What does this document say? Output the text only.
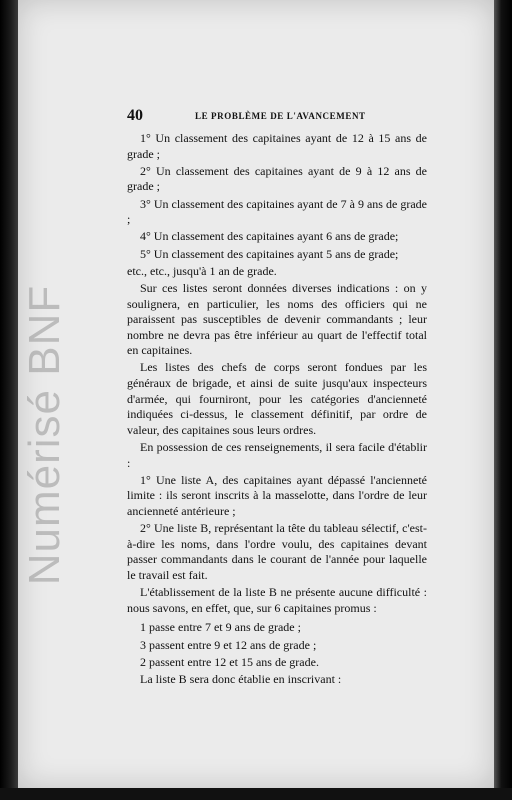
Numérisé BNF
40	LE PROBLÈME DE L'AVANCEMENT

1° Un classement des capitaines ayant de 12 à 15 ans de grade ;

2° Un classement des capitaines ayant de 9 à 12 ans de grade ;

3° Un classement des capitaines ayant de 7 à 9 ans de grade ;

4° Un classement des capitaines ayant 6 ans de grade;

5° Un classement des capitaines ayant 5 ans de grade;

etc., etc., jusqu'à 1 an de grade.

Sur ces listes seront données diverses indications : on y soulignera, en particulier, les noms des officiers qui ne paraissent pas susceptibles de devenir commandants ; leur nombre ne devra pas être inférieur au quart de l'effectif total en capitaines.

Les listes des chefs de corps seront fondues par les généraux de brigade, et ainsi de suite jusqu'aux inspecteurs d'armée, qui fourniront, pour les catégories d'ancienneté indiquées ci-dessus, le classement définitif, par ordre de valeur, des capitaines sous leurs ordres.

En possession de ces renseignements, il sera facile d'établir :

1° Une liste A, des capitaines ayant dépassé l'ancienneté limite : ils seront inscrits à la masselotte, dans l'ordre de leur ancienneté antérieure ;

2° Une liste B, représentant la tête du tableau sélectif, c'est-à-dire les noms, dans l'ordre voulu, des capitaines devant passer commandants dans le courant de l'année pour laquelle le travail est fait.

L'établissement de la liste B ne présente aucune difficulté : nous savons, en effet, que, sur 6 capitaines promus :

1 passe entre 7 et 9 ans de grade ;

3 passent entre 9 et 12 ans de grade ;

2 passent entre 12 et 15 ans de grade.

La liste B sera donc établie en inscrivant :
